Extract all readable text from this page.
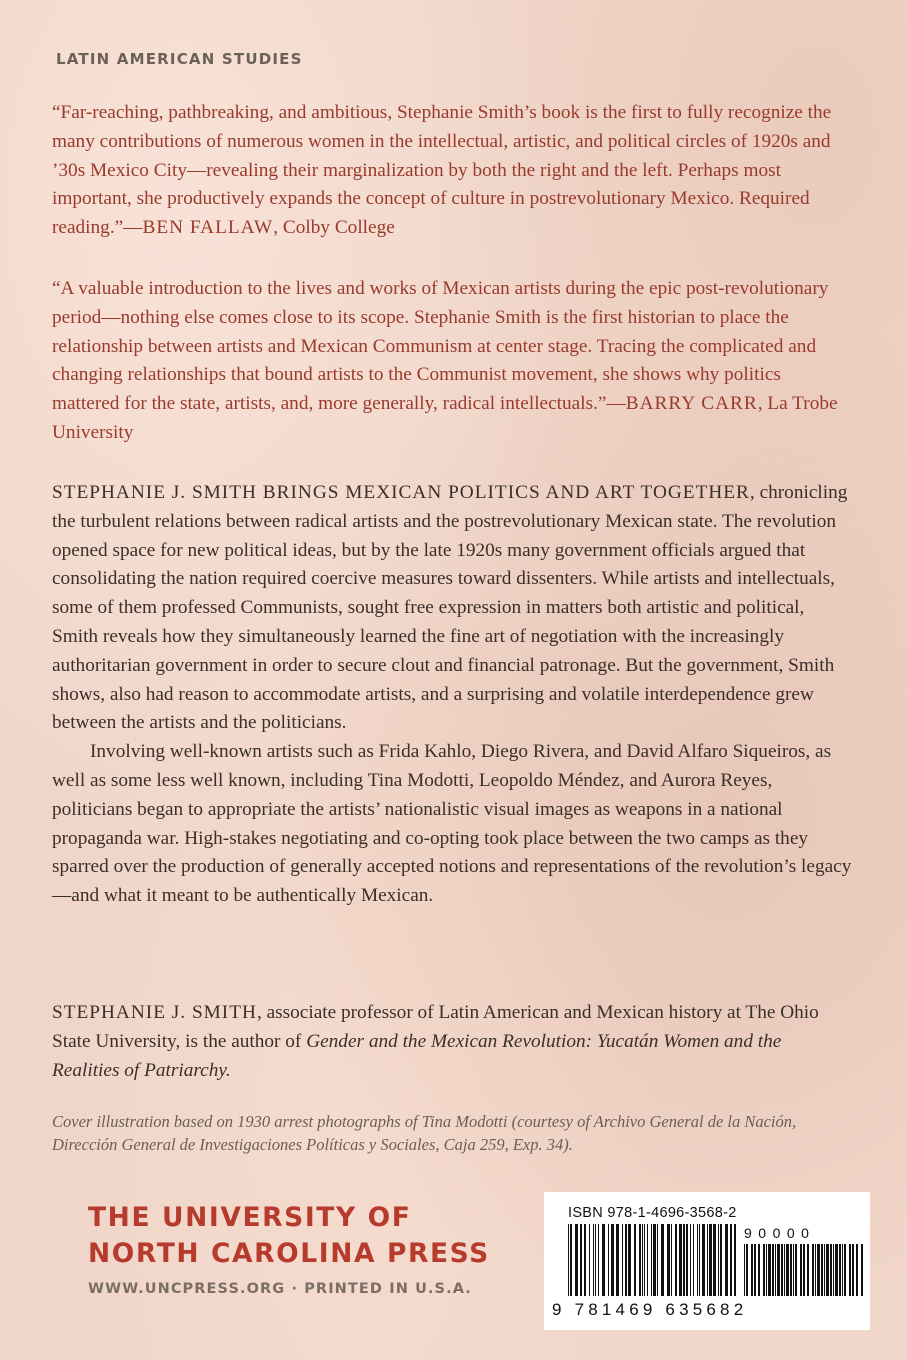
LATIN AMERICAN STUDIES
“Far-reaching, pathbreaking, and ambitious, Stephanie Smith’s book is the first to fully recognize the many contributions of numerous women in the intellectual, artistic, and political circles of 1920s and ’30s Mexico City—revealing their marginalization by both the right and the left. Perhaps most important, she productively expands the concept of culture in postrevolutionary Mexico. Required reading.”—BEN FALLAW, Colby College
“A valuable introduction to the lives and works of Mexican artists during the epic post-revolutionary period—nothing else comes close to its scope. Stephanie Smith is the first historian to place the relationship between artists and Mexican Communism at center stage. Tracing the complicated and changing relationships that bound artists to the Communist movement, she shows why politics mattered for the state, artists, and, more generally, radical intellectuals.”—BARRY CARR, La Trobe University

STEPHANIE J. SMITH BRINGS MEXICAN POLITICS AND ART TOGETHER, chronicling the turbulent relations between radical artists and the postrevolutionary Mexican state. The revolution opened space for new political ideas, but by the late 1920s many government officials argued that consolidating the nation required coercive measures toward dissenters. While artists and intellectuals, some of them professed Communists, sought free expression in matters both artistic and political, Smith reveals how they simultaneously learned the fine art of negotiation with the increasingly authoritarian government in order to secure clout and financial patronage. But the government, Smith shows, also had reason to accommodate artists, and a surprising and volatile interdependence grew between the artists and the politicians.

Involving well-known artists such as Frida Kahlo, Diego Rivera, and David Alfaro Siqueiros, as well as some less well known, including Tina Modotti, Leopoldo Méndez, and Aurora Reyes, politicians began to appropriate the artists’ nationalistic visual images as weapons in a national propaganda war. High-stakes negotiating and co-opting took place between the two camps as they sparred over the production of generally accepted notions and representations of the revolution’s legacy—and what it meant to be authentically Mexican.

STEPHANIE J. SMITH, associate professor of Latin American and Mexican history at The Ohio State University, is the author of Gender and the Mexican Revolution: Yucatán Women and the Realities of Patriarchy.
Cover illustration based on 1930 arrest photographs of Tina Modotti (courtesy of Archivo General de la Nación, Dirección General de Investigaciones Políticas y Sociales, Caja 259, Exp. 34).
THE UNIVERSITY OF
NORTH CAROLINA PRESS
WWW.UNCPRESS.ORG · PRINTED IN U.S.A.
ISBN 978-1-4696-3568-2
90000
9 781469 635682
